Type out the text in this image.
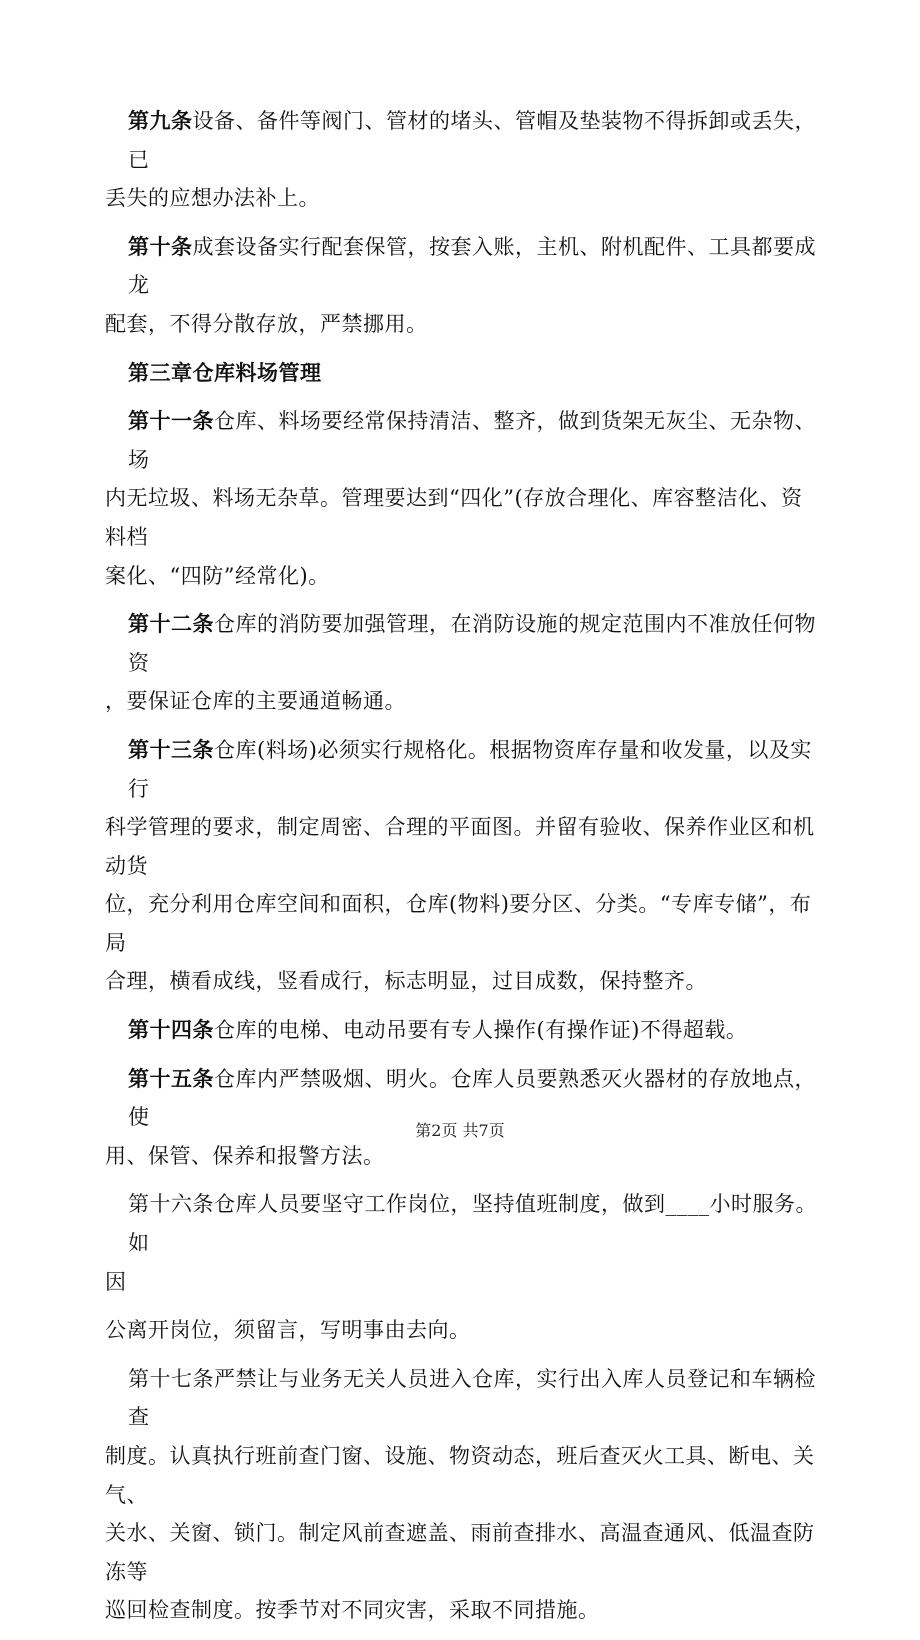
第九条设备、备件等阀门、管材的堵头、管帽及垫装物不得拆卸或丢失，已
丢失的应想办法补上。

第十条成套设备实行配套保管，按套入账，主机、附机配件、工具都要成龙
配套，不得分散存放，严禁挪用。

第三章仓库料场管理

第十一条仓库、料场要经常保持清洁、整齐，做到货架无灰尘、无杂物、场
内无垃圾、料场无杂草。管理要达到“四化”(存放合理化、库容整洁化、资料档
案化、“四防”经常化)。

第十二条仓库的消防要加强管理，在消防设施的规定范围内不准放任何物资
，要保证仓库的主要通道畅通。

第十三条仓库(料场)必须实行规格化。根据物资库存量和收发量，以及实行
科学管理的要求，制定周密、合理的平面图。并留有验收、保养作业区和机动货
位，充分利用仓库空间和面积，仓库(物料)要分区、分类。“专库专储”，布局
合理，横看成线，竖看成行，标志明显，过目成数，保持整齐。

第十四条仓库的电梯、电动吊要有专人操作(有操作证)不得超载。

第十五条仓库内严禁吸烟、明火。仓库人员要熟悉灭火器材的存放地点，使
用、保管、保养和报警方法。

第十六条仓库人员要坚守工作岗位，坚持值班制度，做到____小时服务。如
因
公离开岗位，须留言，写明事由去向。

第十七条严禁让与业务无关人员进入仓库，实行出入库人员登记和车辆检查
制度。认真执行班前查门窗、设施、物资动态，班后查灭火工具、断电、关气、
关水、关窗、锁门。制定风前查遮盖、雨前查排水、高温查通风、低温查防冻等
巡回检查制度。按季节对不同灾害，采取不同措施。

第2页 共7页
